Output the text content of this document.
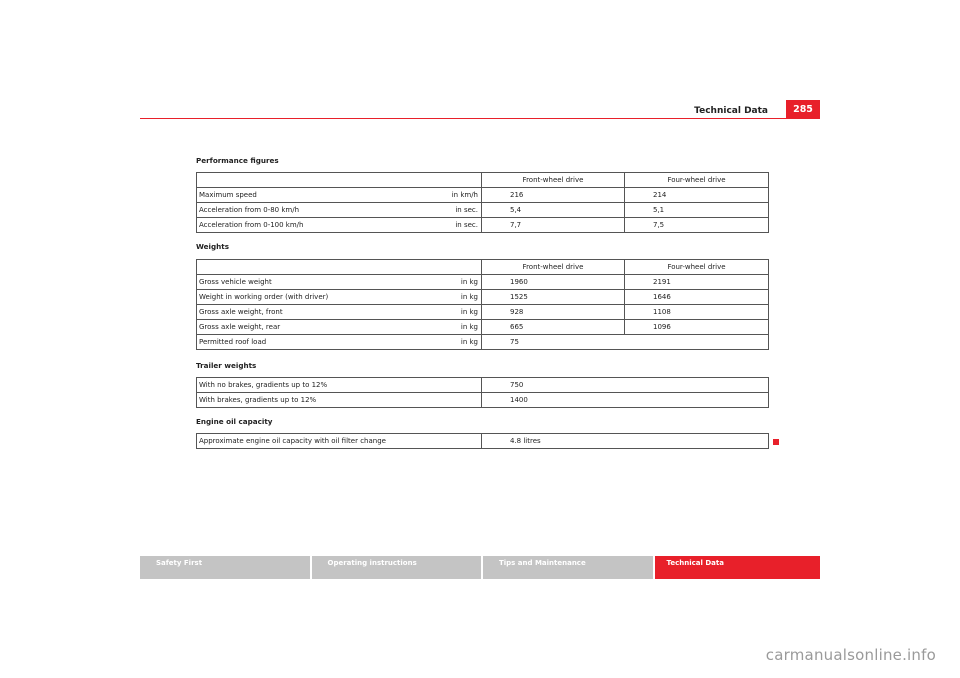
Technical Data	285
Performance figures
		Front-wheel drive	Four-wheel drive
Maximum speed	in km/h	216	214
Acceleration from 0-80 km/h	in sec.	5,4	5,1
Acceleration from 0-100 km/h	in sec.	7,7	7,5
Weights
		Front-wheel drive	Four-wheel drive
Gross vehicle weight	in kg	1960	2191
Weight in working order (with driver)	in kg	1525	1646
Gross axle weight, front	in kg	928	1108
Gross axle weight, rear	in kg	665	1096
Permitted roof load	in kg	75	
Trailer weights
With no brakes, gradients up to 12%	750
With brakes, gradients up to 12%	1400
Engine oil capacity
Approximate engine oil capacity with oil filter change	4.8 litres
Safety First	Operating instructions	Tips and Maintenance	Technical Data
carmanualsonline.info
